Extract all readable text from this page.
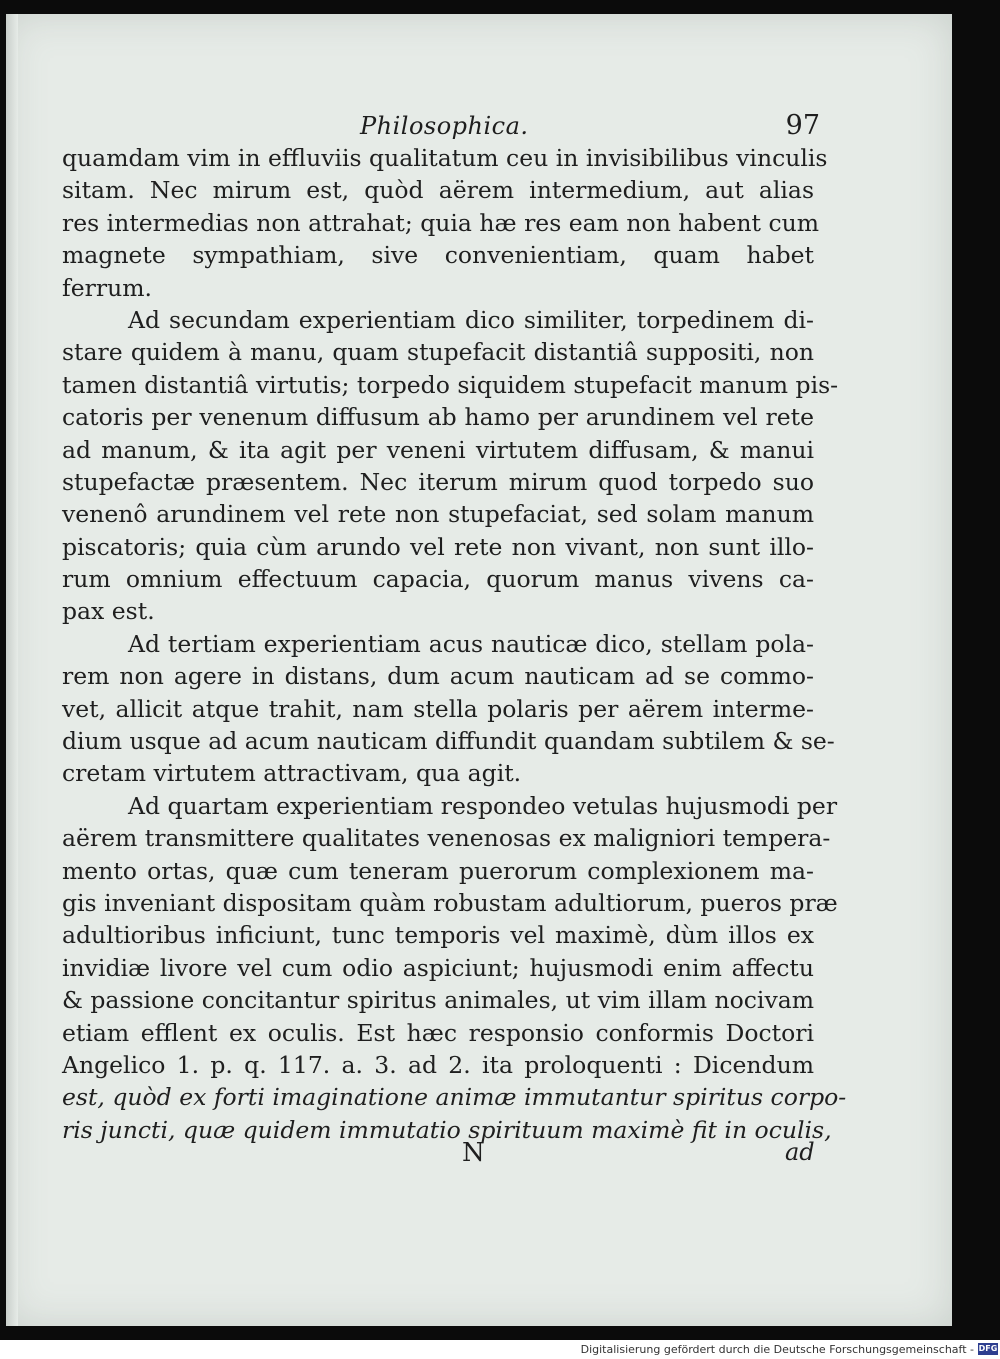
Philosophica.	97
quamdam vim in effluviis qualitatum ceu in invisibilibus vinculis
sitam. Nec mirum est, quòd aërem intermedium, aut alias
res intermedias non attrahat; quia hæ res eam non habent cum
magnete sympathiam, sive convenientiam, quam habet
ferrum.
Ad secundam experientiam dico similiter, torpedinem di-
stare quidem à manu, quam stupefacit distantiâ suppositi, non
tamen distantiâ virtutis; torpedo siquidem stupefacit manum pis-
catoris per venenum diffusum ab hamo per arundinem vel rete
ad manum, & ita agit per veneni virtutem diffusam, & manui
stupefactæ præsentem. Nec iterum mirum quod torpedo suo
venenô arundinem vel rete non stupefaciat, sed solam manum
piscatoris; quia cùm arundo vel rete non vivant, non sunt illo-
rum omnium effectuum capacia, quorum manus vivens ca-
pax est.
Ad tertiam experientiam acus nauticæ dico, stellam pola-
rem non agere in distans, dum acum nauticam ad se commo-
vet, allicit atque trahit, nam stella polaris per aërem interme-
dium usque ad acum nauticam diffundit quandam subtilem & se-
cretam virtutem attractivam, qua agit.
Ad quartam experientiam respondeo vetulas hujusmodi per
aërem transmittere qualitates venenosas ex maligniori tempera-
mento ortas, quæ cum teneram puerorum complexionem ma-
gis inveniant dispositam quàm robustam adultiorum, pueros præ
adultioribus inficiunt, tunc temporis vel maximè, dùm illos ex
invidiæ livore vel cum odio aspiciunt; hujusmodi enim affectu
& passione concitantur spiritus animales, ut vim illam nocivam
etiam efflent ex oculis. Est hæc responsio conformis Doctori
Angelico 1. p. q. 117. a. 3. ad 2. ita proloquenti : Dicendum
est, quòd ex forti imaginatione animæ immutantur spiritus corpo-
ris juncti, quæ quidem immutatio spirituum maximè fit in oculis,
N	ad
Digitalisierung gefördert durch die Deutsche Forschungsgemeinschaft - DFG
